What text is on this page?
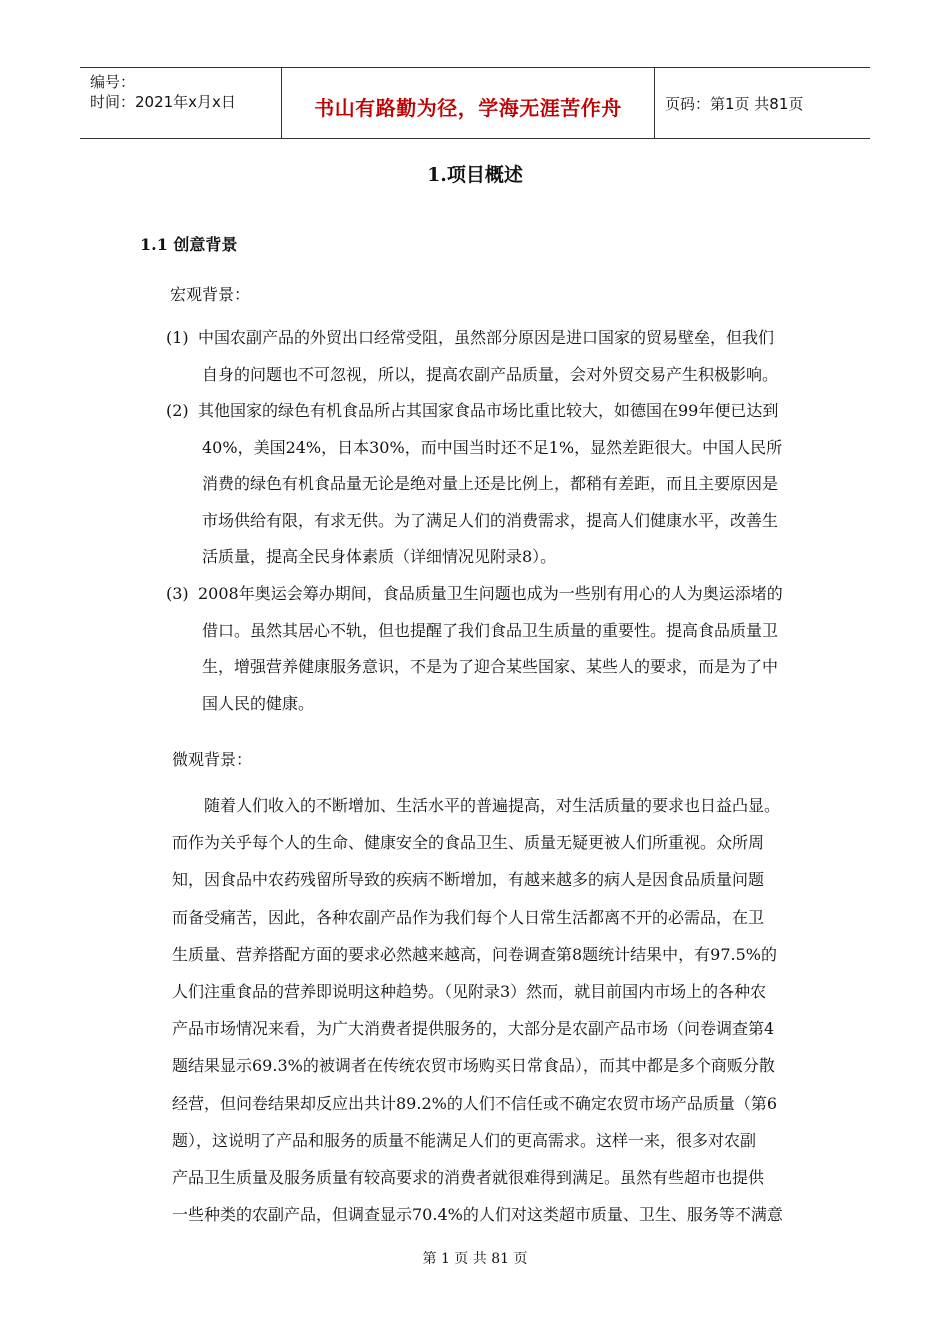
编号：
时间：2021年x月x日	书山有路勤为径，学海无涯苦作舟	页码：第1页 共81页
1.项目概述
1.1 创意背景
宏观背景：
(1) 中国农副产品的外贸出口经常受阻，虽然部分原因是进口国家的贸易壁垒，但我们
自身的问题也不可忽视，所以，提高农副产品质量，会对外贸交易产生积极影响。
(2) 其他国家的绿色有机食品所占其国家食品市场比重比较大，如德国在99年便已达到
40%，美国24%，日本30%，而中国当时还不足1%，显然差距很大。中国人民所
消费的绿色有机食品量无论是绝对量上还是比例上，都稍有差距，而且主要原因是
市场供给有限，有求无供。为了满足人们的消费需求，提高人们健康水平，改善生
活质量，提高全民身体素质（详细情况见附录8）。
(3) 2008年奥运会筹办期间，食品质量卫生问题也成为一些别有用心的人为奥运添堵的
借口。虽然其居心不轨，但也提醒了我们食品卫生质量的重要性。提高食品质量卫
生，增强营养健康服务意识，不是为了迎合某些国家、某些人的要求，而是为了中
国人民的健康。
微观背景：
随着人们收入的不断增加、生活水平的普遍提高，对生活质量的要求也日益凸显。
而作为关乎每个人的生命、健康安全的食品卫生、质量无疑更被人们所重视。众所周
知，因食品中农药残留所导致的疾病不断增加，有越来越多的病人是因食品质量问题
而备受痛苦，因此，各种农副产品作为我们每个人日常生活都离不开的必需品，在卫
生质量、营养搭配方面的要求必然越来越高，问卷调查第8题统计结果中，有97.5%的
人们注重食品的营养即说明这种趋势。（见附录3）然而，就目前国内市场上的各种农
产品市场情况来看，为广大消费者提供服务的，大部分是农副产品市场（问卷调查第4
题结果显示69.3%的被调者在传统农贸市场购买日常食品），而其中都是多个商贩分散
经营，但问卷结果却反应出共计89.2%的人们不信任或不确定农贸市场产品质量（第6
题），这说明了产品和服务的质量不能满足人们的更高需求。这样一来，很多对农副
产品卫生质量及服务质量有较高要求的消费者就很难得到满足。虽然有些超市也提供
一些种类的农副产品，但调查显示70.4%的人们对这类超市质量、卫生、服务等不满意
第 1 页 共 81 页
